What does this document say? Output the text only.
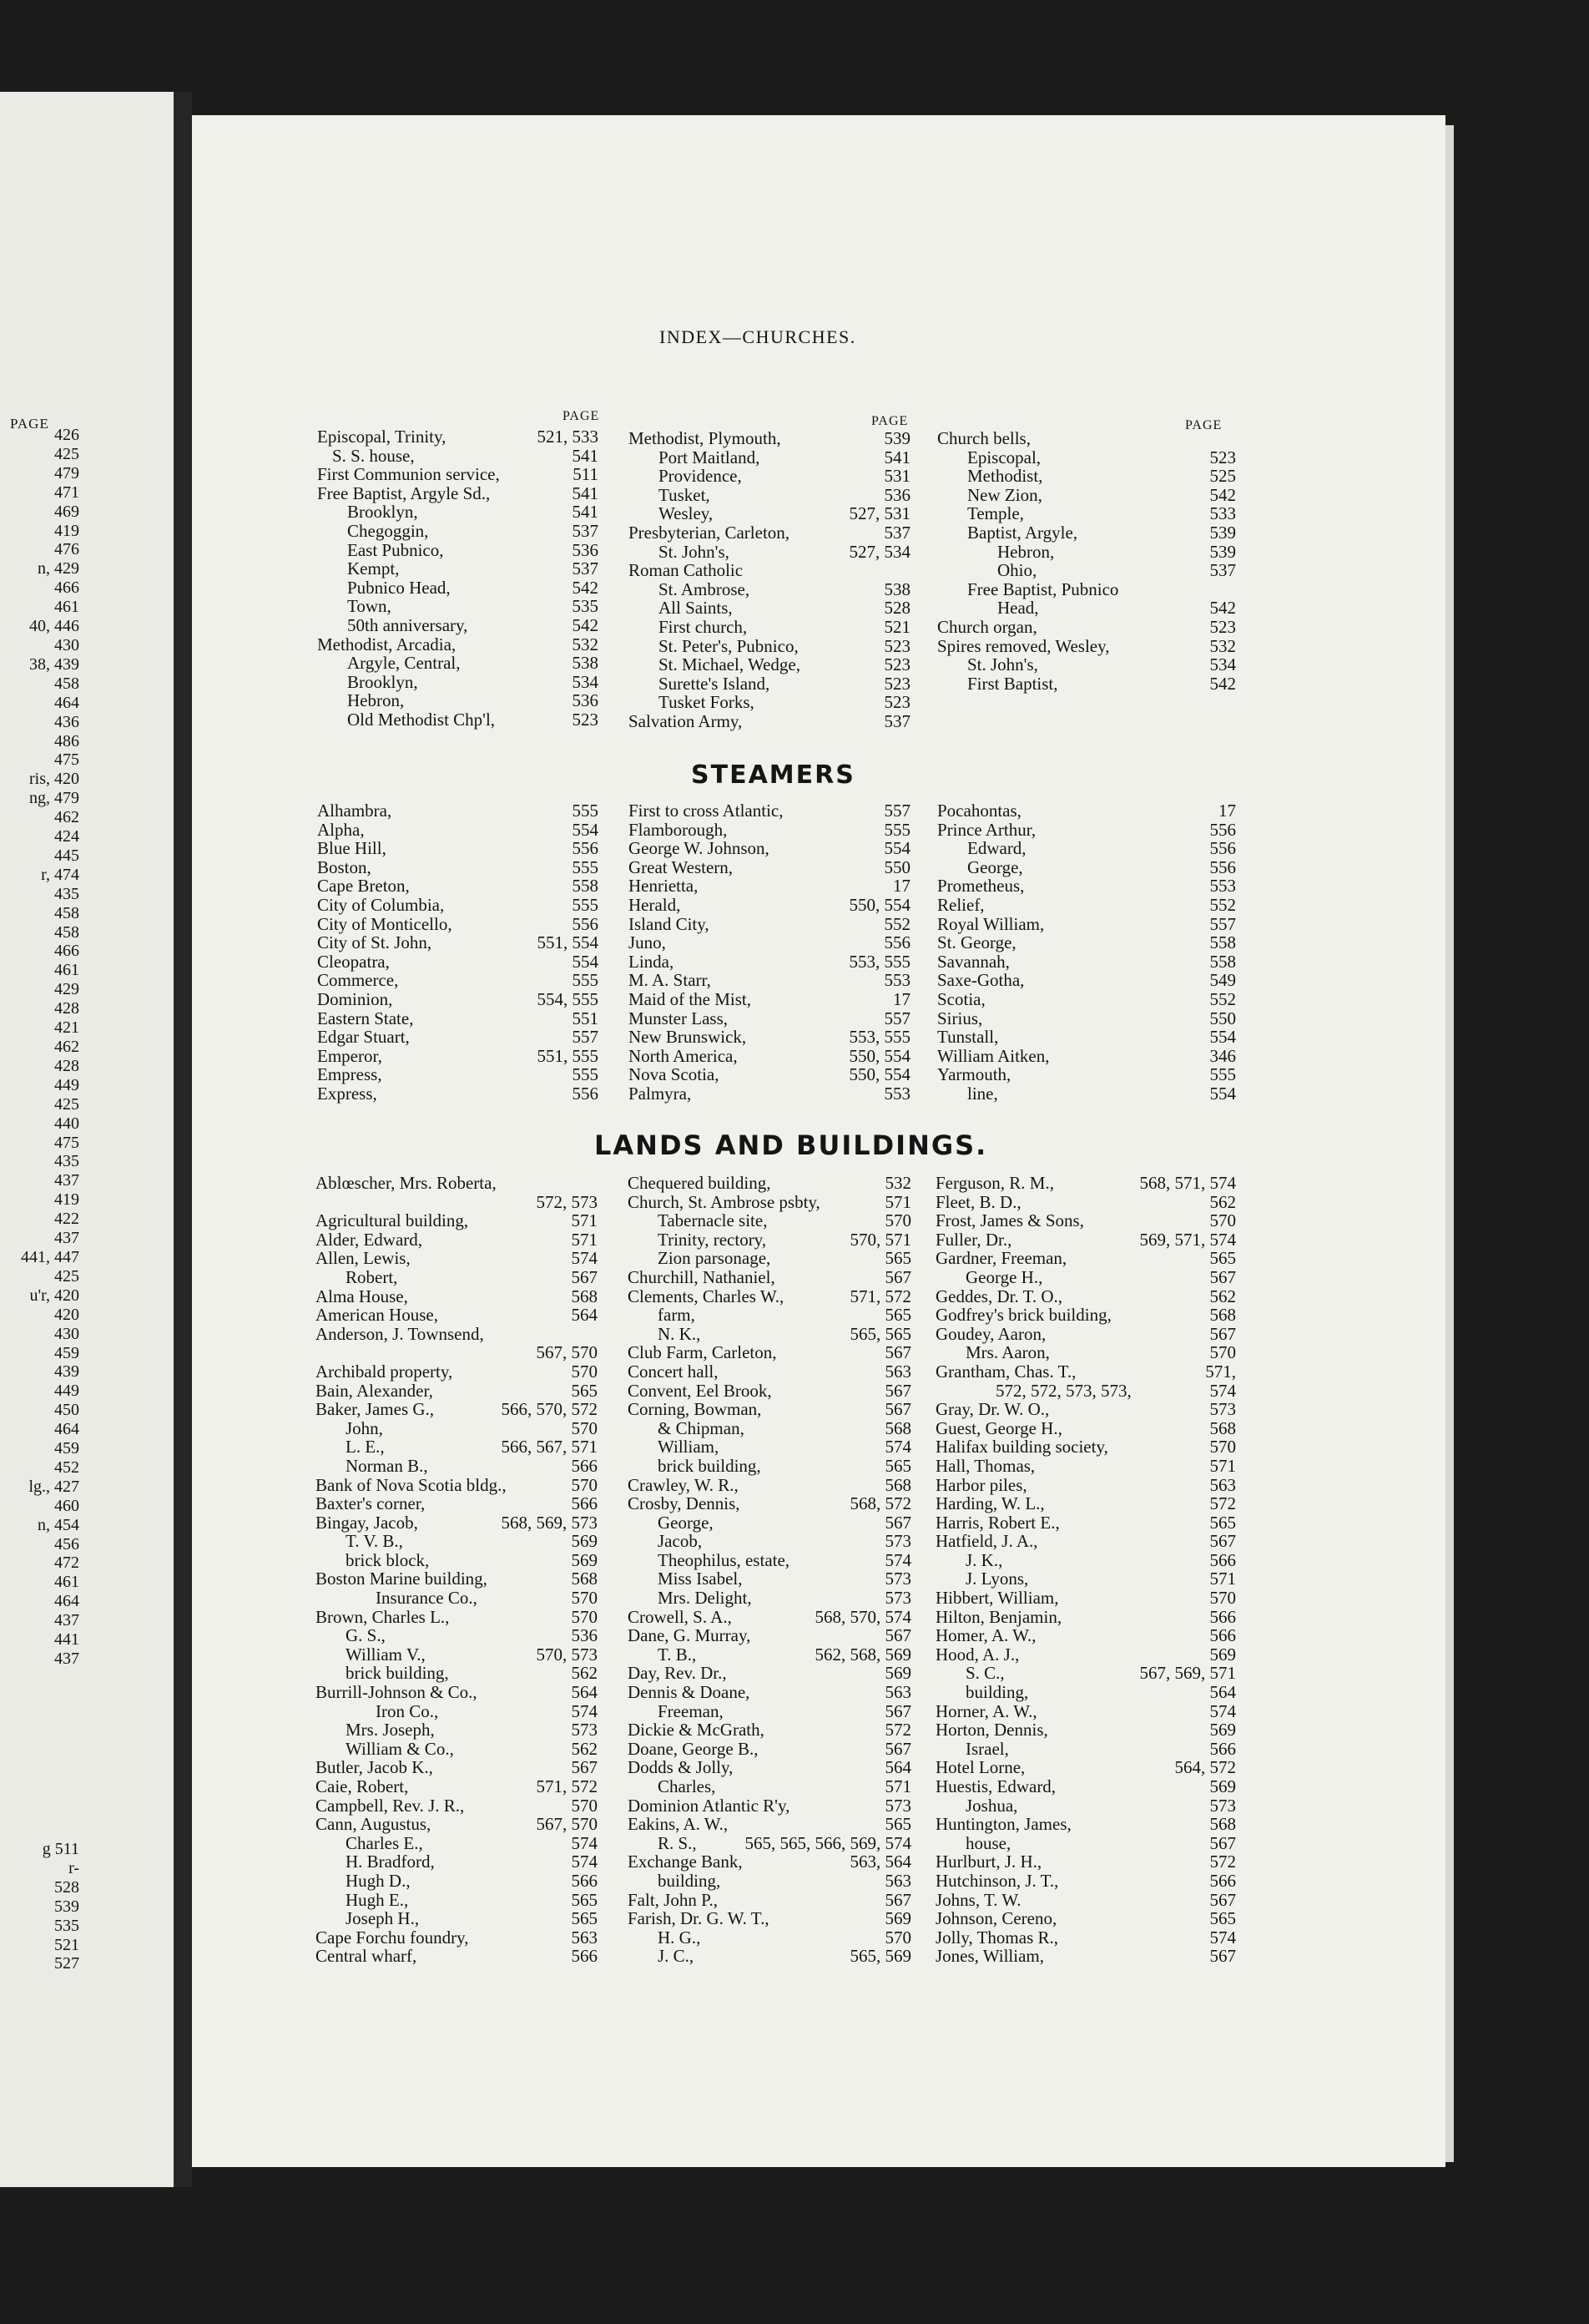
PAGE
426
425
479
471
469
419
476
n, 429
466
461
40, 446
430
38, 439
458
464
436
486
475
ris, 420
ng, 479
462
424
445
r, 474
435
458
458
466
461
429
428
421
462
428
449
425
440
475
435
437
419
422
437
441, 447
425
u'r, 420
420
430
459
439
449
450
464
459
452
lg., 427
460
n, 454
456
472
461
464
437
441
437
g 511
r-
528
539
535
521
527
INDEX—CHURCHES.
PAGE	PAGE	PAGE
Episcopal, Trinity,	521, 533
S. S. house,	541
First Communion service,	511
Free Baptist, Argyle Sd.,	541
Brooklyn,	541
Chegoggin,	537
East Pubnico,	536
Kempt,	537
Pubnico Head,	542
Town,	535
50th anniversary,	542
Methodist, Arcadia,	532
Argyle, Central,	538
Brooklyn,	534
Hebron,	536
Old Methodist Chp'l,	523
Methodist, Plymouth,	539
Port Maitland,	541
Providence,	531
Tusket,	536
Wesley,	527, 531
Presbyterian, Carleton,	537
St. John's,	527, 534
Roman Catholic
St. Ambrose,	538
All Saints,	528
First church,	521
St. Peter's, Pubnico,	523
St. Michael, Wedge,	523
Surette's Island,	523
Tusket Forks,	523
Salvation Army,	537
Church bells,
Episcopal,	523
Methodist,	525
New Zion,	542
Temple,	533
Baptist, Argyle,	539
Hebron,	539
Ohio,	537
Free Baptist, Pubnico
Head,	542
Church organ,	523
Spires removed, Wesley,	532
St. John's,	534
First Baptist,	542
STEAMERS
Alhambra,	555
Alpha,	554
Blue Hill,	556
Boston,	555
Cape Breton,	558
City of Columbia,	555
City of Monticello,	556
City of St. John,	551, 554
Cleopatra,	554
Commerce,	555
Dominion,	554, 555
Eastern State,	551
Edgar Stuart,	557
Emperor,	551, 555
Empress,	555
Express,	556
First to cross Atlantic,	557
Flamborough,	555
George W. Johnson,	554
Great Western,	550
Henrietta,	17
Herald,	550, 554
Island City,	552
Juno,	556
Linda,	553, 555
M. A. Starr,	553
Maid of the Mist,	17
Munster Lass,	557
New Brunswick,	553, 555
North America,	550, 554
Nova Scotia,	550, 554
Palmyra,	553
Pocahontas,	17
Prince Arthur,	556
Edward,	556
George,	556
Prometheus,	553
Relief,	552
Royal William,	557
St. George,	558
Savannah,	558
Saxe-Gotha,	549
Scotia,	552
Sirius,	550
Tunstall,	554
William Aitken,	346
Yarmouth,	555
line,	554
LANDS AND BUILDINGS.
Ablœscher, Mrs. Roberta,
572, 573
Agricultural building,	571
Alder, Edward,	571
Allen, Lewis,	574
Robert,	567
Alma House,	568
American House,	564
Anderson, J. Townsend,
567, 570
Archibald property,	570
Bain, Alexander,	565
Baker, James G.,	566, 570, 572
John,	570
L. E.,	566, 567, 571
Norman B.,	566
Bank of Nova Scotia bldg.,	570
Baxter's corner,	566
Bingay, Jacob,	568, 569, 573
T. V. B.,	569
brick block,	569
Boston Marine building,	568
Insurance Co.,	570
Brown, Charles L.,	570
G. S.,	536
William V.,	570, 573
brick building,	562
Burrill-Johnson & Co.,	564
Iron Co.,	574
Mrs. Joseph,	573
William & Co.,	562
Butler, Jacob K.,	567
Caie, Robert,	571, 572
Campbell, Rev. J. R.,	570
Cann, Augustus,	567, 570
Charles E.,	574
H. Bradford,	574
Hugh D.,	566
Hugh E.,	565
Joseph H.,	565
Cape Forchu foundry,	563
Central wharf,	566
Chequered building,	532
Church, St. Ambrose psbty,	571
Tabernacle site,	570
Trinity, rectory,	570, 571
Zion parsonage,	565
Churchill, Nathaniel,	567
Clements, Charles W.,	571, 572
farm,	565
N. K.,	565, 565
Club Farm, Carleton,	567
Concert hall,	563
Convent, Eel Brook,	567
Corning, Bowman,	567
& Chipman,	568
William,	574
brick building,	565
Crawley, W. R.,	568
Crosby, Dennis,	568, 572
George,	567
Jacob,	573
Theophilus, estate,	574
Miss Isabel,	573
Mrs. Delight,	573
Crowell, S. A.,	568, 570, 574
Dane, G. Murray,	567
T. B.,	562, 568, 569
Day, Rev. Dr.,	569
Dennis & Doane,	563
Freeman,	567
Dickie & McGrath,	572
Doane, George B.,	567
Dodds & Jolly,	564
Charles,	571
Dominion Atlantic R'y,	573
Eakins, A. W.,	565
R. S.,	565, 565, 566, 569, 574
Exchange Bank,	563, 564
building,	563
Falt, John P.,	567
Farish, Dr. G. W. T.,	569
H. G.,	570
J. C.,	565, 569
Ferguson, R. M.,	568, 571, 574
Fleet, B. D.,	562
Frost, James & Sons,	570
Fuller, Dr.,	569, 571, 574
Gardner, Freeman,	565
George H.,	567
Geddes, Dr. T. O.,	562
Godfrey's brick building,	568
Goudey, Aaron,	567
Mrs. Aaron,	570
Grantham, Chas. T.,	571,
572, 572, 573, 573,	574
Gray, Dr. W. O.,	573
Guest, George H.,	568
Halifax building society,	570
Hall, Thomas,	571
Harbor piles,	563
Harding, W. L.,	572
Harris, Robert E.,	565
Hatfield, J. A.,	567
J. K.,	566
J. Lyons,	571
Hibbert, William,	570
Hilton, Benjamin,	566
Homer, A. W.,	566
Hood, A. J.,	569
S. C.,	567, 569, 571
building,	564
Horner, A. W.,	574
Horton, Dennis,	569
Israel,	566
Hotel Lorne,	564, 572
Huestis, Edward,	569
Joshua,	573
Huntington, James,	568
house,	567
Hurlburt, J. H.,	572
Hutchinson, J. T.,	566
Johns, T. W.	567
Johnson, Cereno,	565
Jolly, Thomas R.,	574
Jones, William,	567
